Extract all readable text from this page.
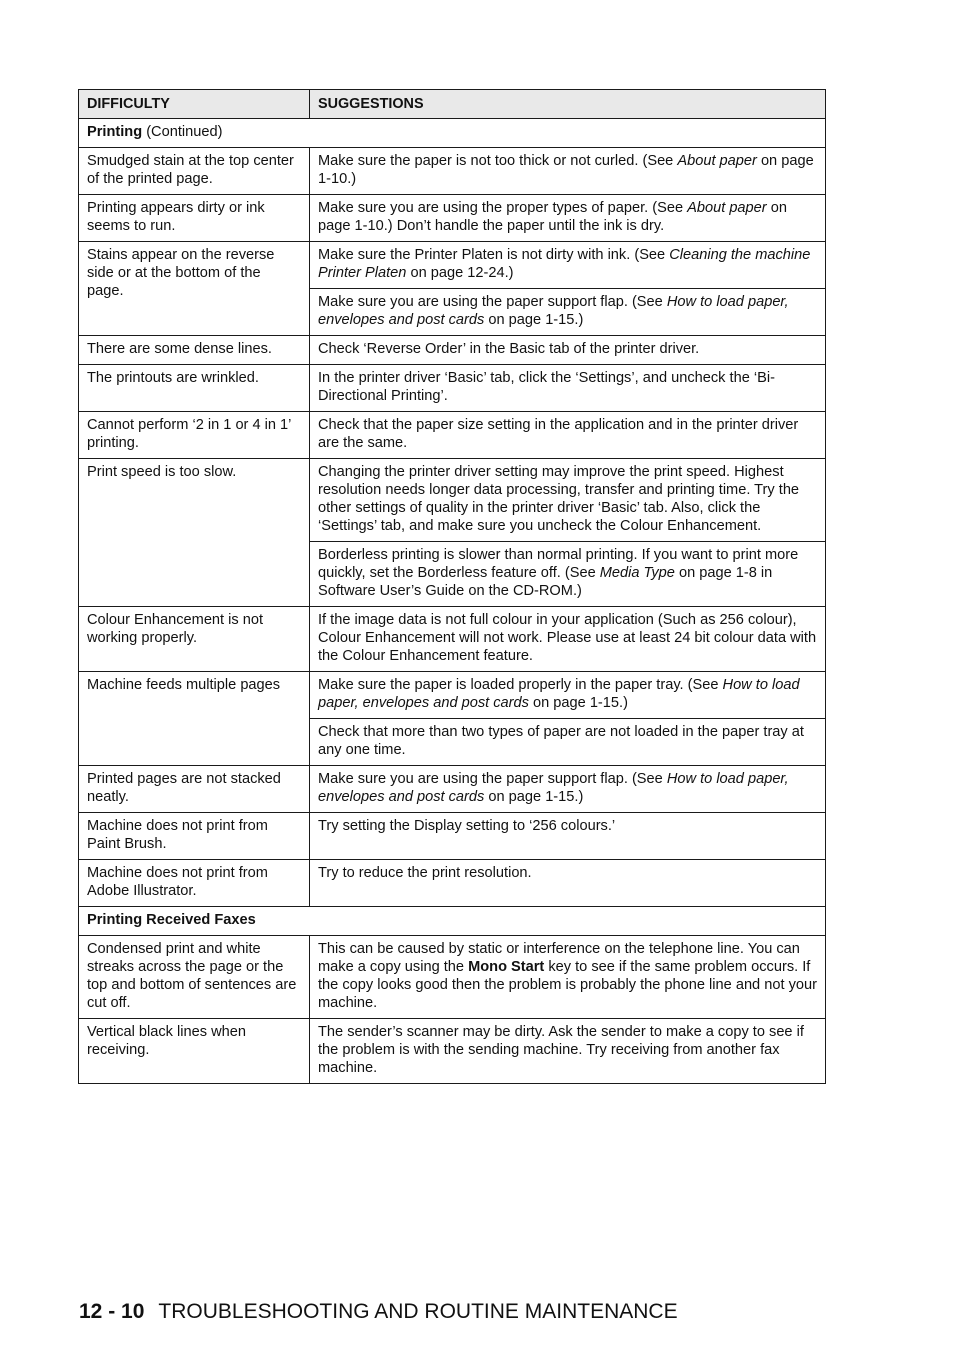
DIFFICULTY	SUGGESTIONS
Printing (Continued)	
Smudged stain at the top center of the printed page.	Make sure the paper is not too thick or not curled. (See About paper on page 1-10.)
Printing appears dirty or ink seems to run.	Make sure you are using the proper types of paper. (See About paper on page 1-10.) Don’t handle the paper until the ink is dry.
Stains appear on the reverse side or at the bottom of the page.	Make sure the Printer Platen is not dirty with ink. (See Cleaning the machine Printer Platen on page 12-24.)
	Make sure you are using the paper support flap. (See How to load paper, envelopes and post cards on page 1-15.)
There are some dense lines.	Check ‘Reverse Order’ in the Basic tab of the printer driver.
The printouts are wrinkled.	In the printer driver ‘Basic’ tab, click the ‘Settings’, and uncheck the ‘Bi-Directional Printing’.
Cannot perform ‘2 in 1 or 4 in 1’ printing.	Check that the paper size setting in the application and in the printer driver are the same.
Print speed is too slow.	Changing the printer driver setting may improve the print speed. Highest resolution needs longer data processing, transfer and printing time. Try the other settings of quality in the printer driver ‘Basic’ tab. Also, click the ‘Settings’ tab, and make sure you uncheck the Colour Enhancement.
	Borderless printing is slower than normal printing. If you want to print more quickly, set the Borderless feature off. (See Media Type on page 1-8 in Software User’s Guide on the CD-ROM.)
Colour Enhancement is not working properly.	If the image data is not full colour in your application (Such as 256 colour), Colour Enhancement will not work. Please use at least 24 bit colour data with the Colour Enhancement feature.
Machine feeds multiple pages	Make sure the paper is loaded properly in the paper tray. (See How to load paper, envelopes and post cards on page 1-15.)
	Check that more than two types of paper are not loaded in the paper tray at any one time.
Printed pages are not stacked neatly.	Make sure you are using the paper support flap. (See How to load paper, envelopes and post cards on page 1-15.)
Machine does not print from Paint Brush.	Try setting the Display setting to ‘256 colours.’
Machine does not print from Adobe Illustrator.	Try to reduce the print resolution.
Printing Received Faxes	
Condensed print and white streaks across the page or the top and bottom of sentences are cut off.	This can be caused by static or interference on the telephone line. You can make a copy using the Mono Start key to see if the same problem occurs. If the copy looks good then the problem is probably the phone line and not your machine.
Vertical black lines when receiving.	The sender’s scanner may be dirty. Ask the sender to make a copy to see if the problem is with the sending machine. Try receiving from another fax machine.
12 - 10 TROUBLESHOOTING AND ROUTINE MAINTENANCE
